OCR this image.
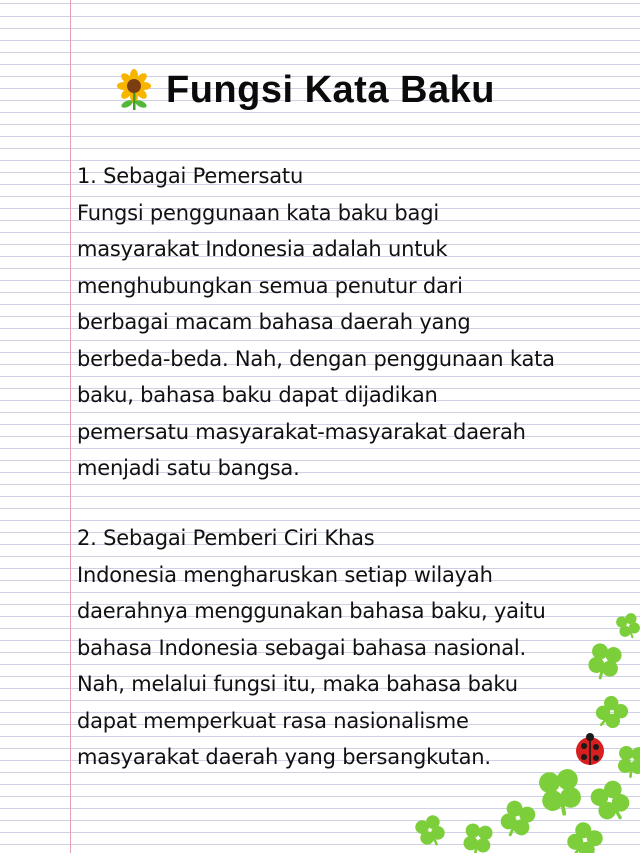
Fungsi Kata Baku
1. Sebagai Pemersatu
Fungsi penggunaan kata baku bagi
masyarakat Indonesia adalah untuk
menghubungkan semua penutur dari
berbagai macam bahasa daerah yang
berbeda-beda. Nah, dengan penggunaan kata
baku, bahasa baku dapat dijadikan
pemersatu masyarakat-masyarakat daerah
menjadi satu bangsa.
2. Sebagai Pemberi Ciri Khas
Indonesia mengharuskan setiap wilayah
daerahnya menggunakan bahasa baku, yaitu
bahasa Indonesia sebagai bahasa nasional.
Nah, melalui fungsi itu, maka bahasa baku
dapat memperkuat rasa nasionalisme
masyarakat daerah yang bersangkutan.
